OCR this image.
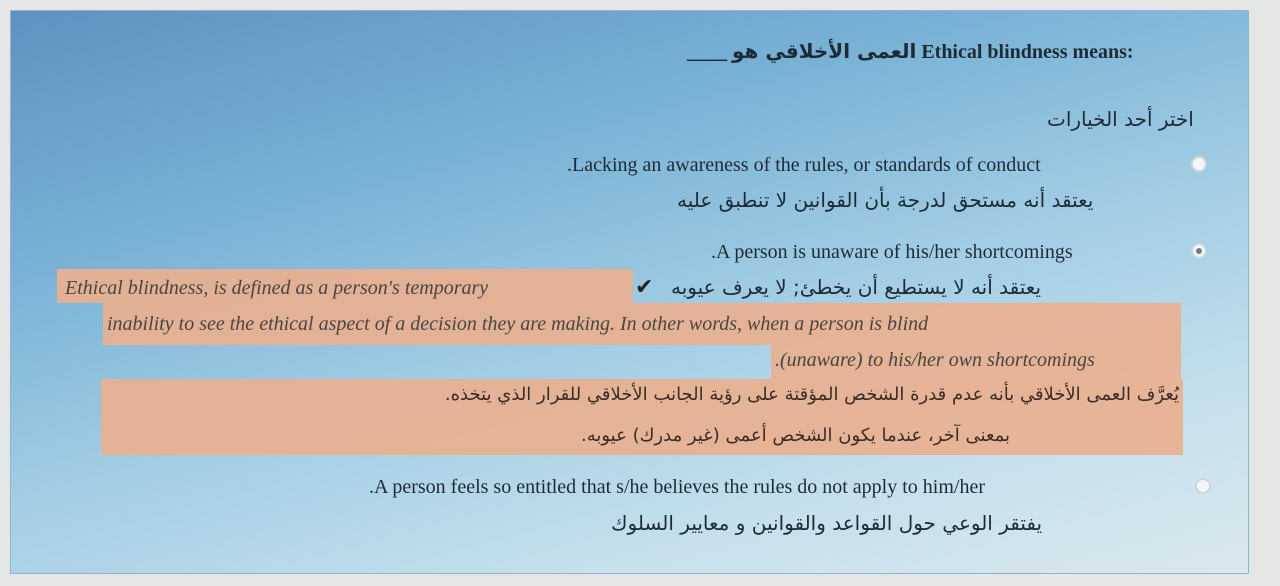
____ العمى الأخلاقي هو Ethical blindness means:
اختر أحد الخيارات
.Lacking an awareness of the rules, or standards of conduct
يعتقد أنه مستحق لدرجة بأن القوانين لا تنطبق عليه
.A person is unaware of his/her shortcomings
✔ يعتقد أنه لا يستطيع أن يخطئ; لا يعرف عيوبه
Ethical blindness, is defined as a person's temporary
inability to see the ethical aspect of a decision they are making. In other words, when a person is blind
.(unaware) to his/her own shortcomings
يُعرَّف العمى الأخلاقي بأنه عدم قدرة الشخص المؤقتة على رؤية الجانب الأخلاقي للقرار الذي يتخذه.
بمعنى آخر، عندما يكون الشخص أعمى (غير مدرك) عيوبه.
.A person feels so entitled that s/he believes the rules do not apply to him/her
يفتقر الوعي حول القواعد والقوانين و معايير السلوك
